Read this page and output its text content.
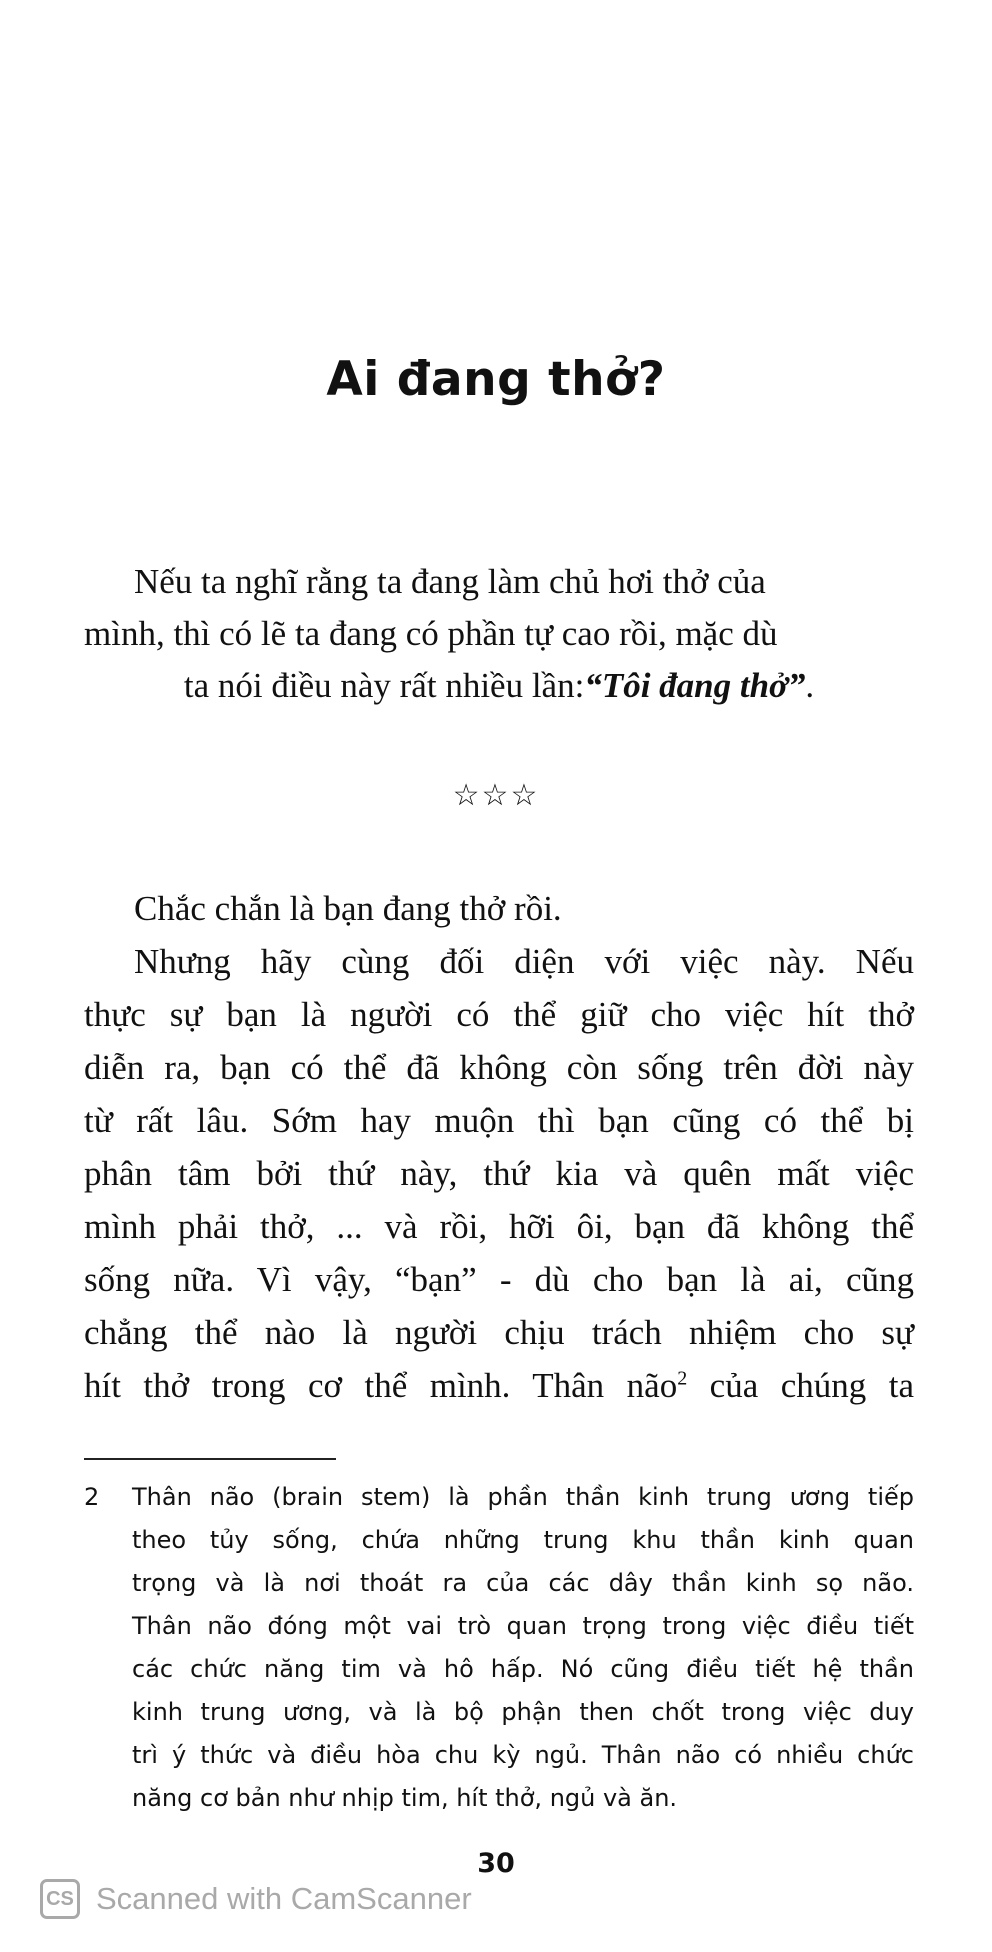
Ai đang thở?
Nếu ta nghĩ rằng ta đang làm chủ hơi thở của
mình, thì có lẽ ta đang có phần tự cao rồi, mặc dù
ta nói điều này rất nhiều lần:“Tôi đang thở”.
☆☆☆
Chắc chắn là bạn đang thở rồi.
Nhưng hãy cùng đối diện với việc này. Nếu
thực sự bạn là người có thể giữ cho việc hít thở
diễn ra, bạn có thể đã không còn sống trên đời này
từ rất lâu. Sớm hay muộn thì bạn cũng có thể bị
phân tâm bởi thứ này, thứ kia và quên mất việc
mình phải thở, ... và rồi, hỡi ôi, bạn đã không thể
sống nữa. Vì vậy, “bạn” - dù cho bạn là ai, cũng
chẳng thể nào là người chịu trách nhiệm cho sự
hít thở trong cơ thể mình. Thân não$^2$ của chúng ta
2 Thân não (brain stem) là phần thần kinh trung ương tiếp
theo tủy sống, chứa những trung khu thần kinh quan
trọng và là nơi thoát ra của các dây thần kinh sọ não.
Thân não đóng một vai trò quan trọng trong việc điều tiết
các chức năng tim và hô hấp. Nó cũng điều tiết hệ thần
kinh trung ương, và là bộ phận then chốt trong việc duy
trì ý thức và điều hòa chu kỳ ngủ. Thân não có nhiều chức
năng cơ bản như nhịp tim, hít thở, ngủ và ăn.
30
CS Scanned with CamScanner
